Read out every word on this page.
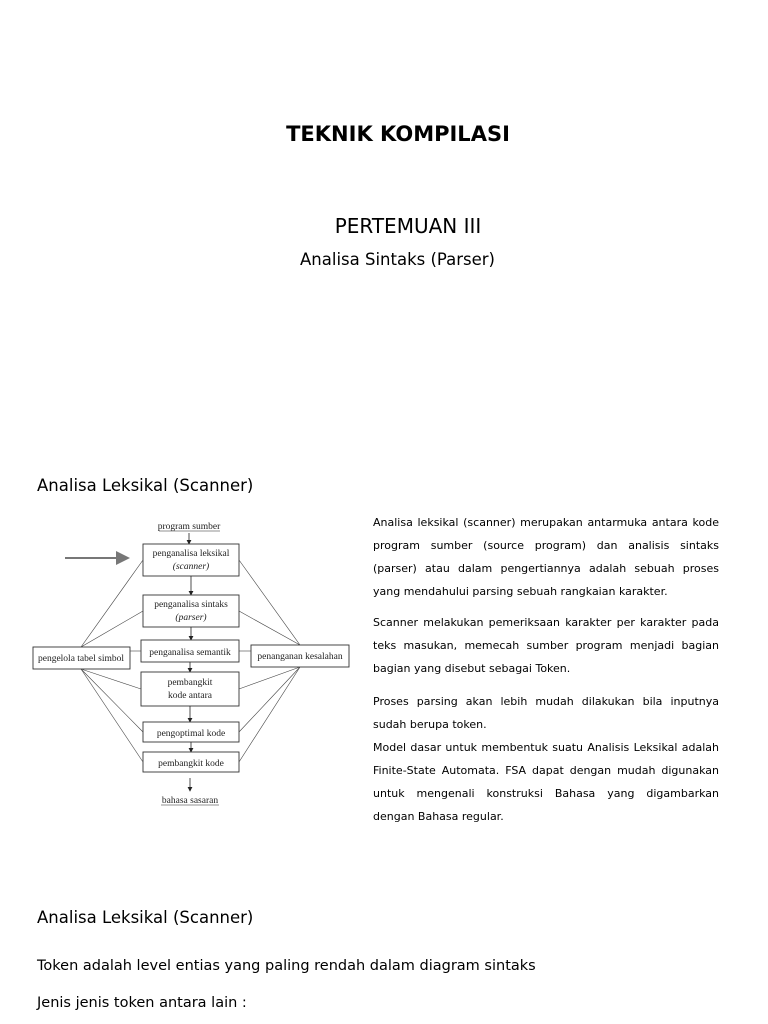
TEKNIK KOMPILASI
PERTEMUAN III
Analisa Sintaks (Parser)
Analisa Leksikal (Scanner)
program sumber
penganalisa leksikal
(scanner)
penganalisa sintaks
(parser)
penganalisa semantik
pembangkit
kode antara
pengoptimal kode
pembangkit kode
bahasa sasaran
pengelola tabel simbol	penanganan kesalahan

Analisa leksikal (scanner) merupakan antarmuka antara kode program sumber (source program) dan analisis sintaks (parser) atau dalam pengertiannya adalah sebuah proses yang mendahului parsing sebuah rangkaian karakter.

Scanner melakukan pemeriksaan karakter per karakter pada teks masukan, memecah sumber program menjadi bagian bagian yang disebut sebagai Token.

Proses parsing akan lebih mudah dilakukan bila inputnya sudah berupa token.

Model dasar untuk membentuk suatu Analisis Leksikal adalah Finite-State Automata. FSA dapat dengan mudah digunakan untuk mengenali konstruksi Bahasa yang digambarkan dengan Bahasa regular.

Analisa Leksikal (Scanner)
Token adalah level entias yang paling rendah dalam diagram sintaks
Jenis jenis token antara lain :
